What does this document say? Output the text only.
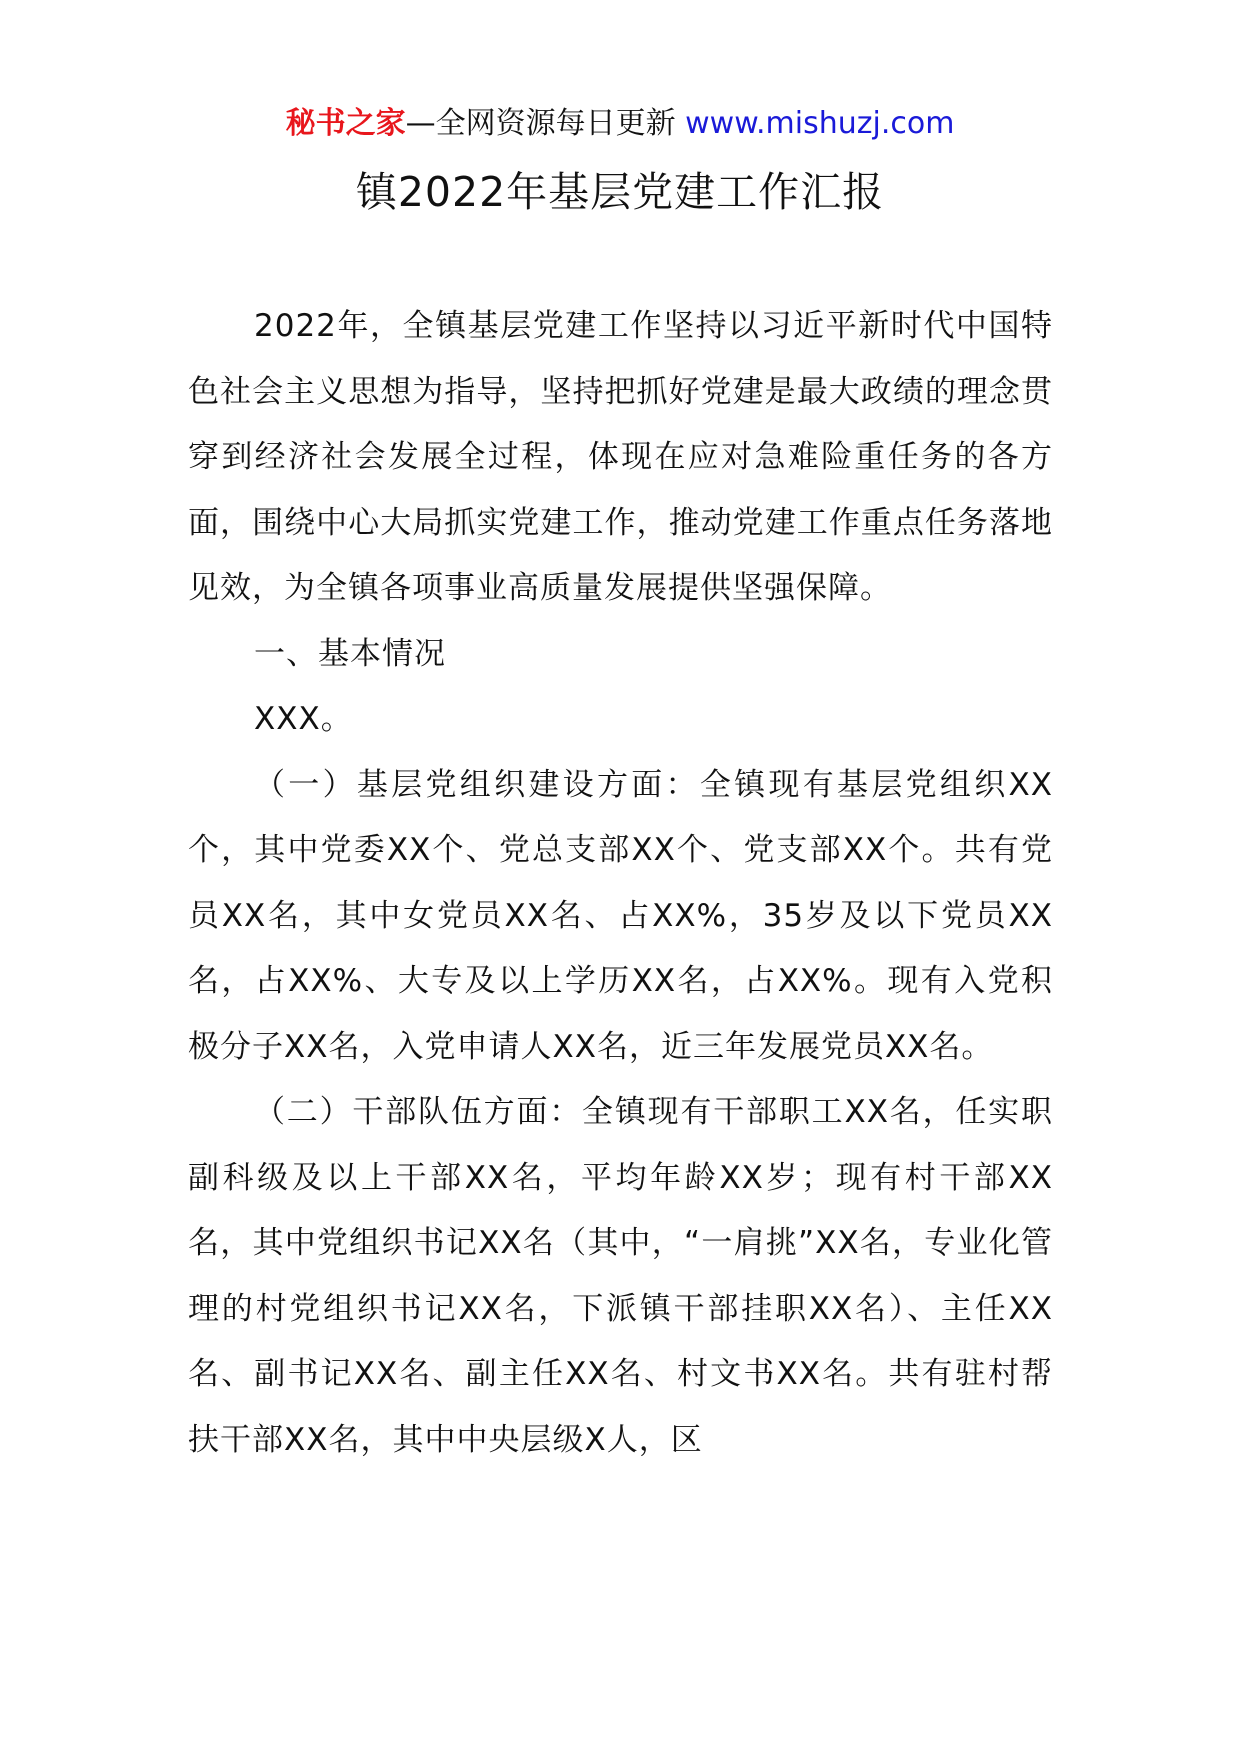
秘书之家—全网资源每日更新 www.mishuzj.com
镇2022年基层党建工作汇报

2022年，全镇基层党建工作坚持以习近平新时代中国特色社会主义思想为指导，坚持把抓好党建是最大政绩的理念贯穿到经济社会发展全过程，体现在应对急难险重任务的各方面，围绕中心大局抓实党建工作，推动党建工作重点任务落地见效，为全镇各项事业高质量发展提供坚强保障。

一、基本情况

XXX。

（一）基层党组织建设方面：全镇现有基层党组织XX个，其中党委XX个、党总支部XX个、党支部XX个。共有党员XX名，其中女党员XX名、占XX%，35岁及以下党员XX名，占XX%、大专及以上学历XX名，占XX%。现有入党积极分子XX名，入党申请人XX名，近三年发展党员XX名。

（二）干部队伍方面：全镇现有干部职工XX名，任实职副科级及以上干部XX名，平均年龄XX岁；现有村干部XX名，其中党组织书记XX名（其中，“一肩挑”XX名，专业化管理的村党组织书记XX名，下派镇干部挂职XX名）、主任XX名、副书记XX名、副主任XX名、村文书XX名。共有驻村帮扶干部XX名，其中中央层级X人，区
